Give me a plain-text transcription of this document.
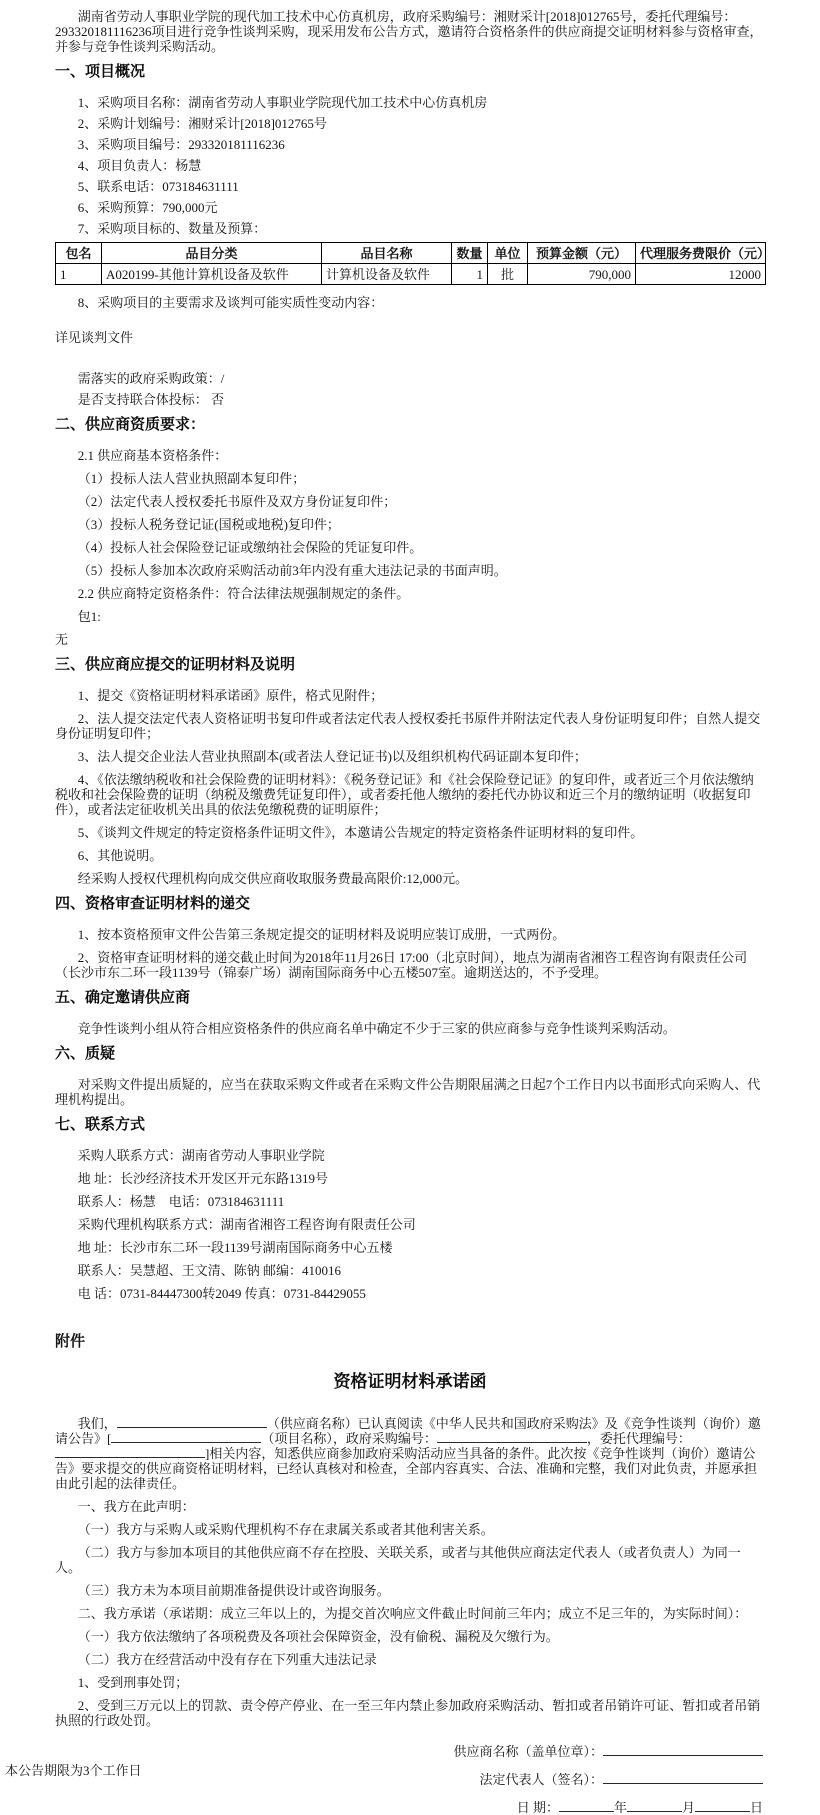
湖南省劳动人事职业学院的现代加工技术中心仿真机房，政府采购编号：湘财采计[2018]012765号，委托代理编号：293320181116236项目进行竞争性谈判采购，现采用发布公告方式，邀请符合资格条件的供应商提交证明材料参与资格审查，并参与竞争性谈判采购活动。

一、项目概况

1、采购项目名称：湖南省劳动人事职业学院现代加工技术中心仿真机房

2、采购计划编号：湘财采计[2018]012765号

3、采购项目编号：293320181116236

4、项目负责人：杨慧

5、联系电话：073184631111

6、采购预算：790,000元

7、采购项目标的、数量及预算：

包名	品目分类	品目名称	数量	单位	预算金额（元）	代理服务费限价（元）
1	A020199-其他计算机设备及软件	计算机设备及软件	1	批	790,000	12000

8、采购项目的主要需求及谈判可能实质性变动内容：

详见谈判文件

需落实的政府采购政策：/

是否支持联合体投标： 否

二、供应商资质要求：

2.1 供应商基本资格条件：

（1）投标人法人营业执照副本复印件；

（2）法定代表人授权委托书原件及双方身份证复印件；

（3）投标人税务登记证(国税或地税)复印件；

（4）投标人社会保险登记证或缴纳社会保险的凭证复印件。

（5）投标人参加本次政府采购活动前3年内没有重大违法记录的书面声明。

2.2 供应商特定资格条件：符合法律法规强制规定的条件。

包1:

无

三、供应商应提交的证明材料及说明

1、提交《资格证明材料承诺函》原件，格式见附件；

2、法人提交法定代表人资格证明书复印件或者法定代表人授权委托书原件并附法定代表人身份证明复印件；自然人提交身份证明复印件；

3、法人提交企业法人营业执照副本(或者法人登记证书)以及组织机构代码证副本复印件；

4、《依法缴纳税收和社会保险费的证明材料》：《税务登记证》和《社会保险登记证》的复印件，或者近三个月依法缴纳税收和社会保险费的证明（纳税及缴费凭证复印件），或者委托他人缴纳的委托代办协议和近三个月的缴纳证明（收据复印件），或者法定征收机关出具的依法免缴税费的证明原件；

5、《谈判文件规定的特定资格条件证明文件》，本邀请公告规定的特定资格条件证明材料的复印件。

6、其他说明。

经采购人授权代理机构向成交供应商收取服务费最高限价:12,000元。

四、资格审查证明材料的递交

1、按本资格预审文件公告第三条规定提交的证明材料及说明应装订成册，一式两份。

2、资格审查证明材料的递交截止时间为2018年11月26日 17:00（北京时间），地点为湖南省湘咨工程咨询有限责任公司（长沙市东二环一段1139号（锦泰广场）湖南国际商务中心五楼507室。逾期送达的，不予受理。

五、确定邀请供应商

竞争性谈判小组从符合相应资格条件的供应商名单中确定不少于三家的供应商参与竞争性谈判采购活动。

六、质疑

对采购文件提出质疑的，应当在获取采购文件或者在采购文件公告期限届满之日起7个工作日内以书面形式向采购人、代理机构提出。

七、联系方式

采购人联系方式：湖南省劳动人事职业学院

地 址：长沙经济技术开发区开元东路1319号

联系人：杨慧　电话：073184631111

采购代理机构联系方式：湖南省湘咨工程咨询有限责任公司

地 址：长沙市东二环一段1139号湖南国际商务中心五楼

联系人：吴慧超、王文清、陈钠 邮编：410016

电 话：0731-84447300转2049 传真：0731-84429055

附件

资格证明材料承诺函

我们，	（供应商名称）已认真阅读《中华人民共和国政府采购法》及《竞争性谈判（询价）邀请公告》[	（项目名称），政府采购编号：	，委托代理编号：]相关内容，知悉供应商参加政府采购活动应当具备的条件。此次按《竞争性谈判（询价）邀请公告》要求提交的供应商资格证明材料，已经认真核对和检查，全部内容真实、合法、准确和完整，我们对此负责，并愿承担由此引起的法律责任。

一、我方在此声明：

（一）我方与采购人或采购代理机构不存在隶属关系或者其他利害关系。

（二）我方与参加本项目的其他供应商不存在控股、关联关系，或者与其他供应商法定代表人（或者负责人）为同一人。

（三）我方未为本项目前期准备提供设计或咨询服务。

二、我方承诺（承诺期：成立三年以上的，为提交首次响应文件截止时间前三年内；成立不足三年的，为实际时间）：

（一）我方依法缴纳了各项税费及各项社会保障资金，没有偷税、漏税及欠缴行为。

（二）我方在经营活动中没有存在下列重大违法记录

1、受到刑事处罚；

2、受到三万元以上的罚款、责令停产停业、在一至三年内禁止参加政府采购活动、暂扣或者吊销许可证、暂扣或者吊销执照的行政处罚。

供应商名称（盖单位章）：

法定代表人（签名）：

日 期：	年	月	日

本公告期限为3个工作日
